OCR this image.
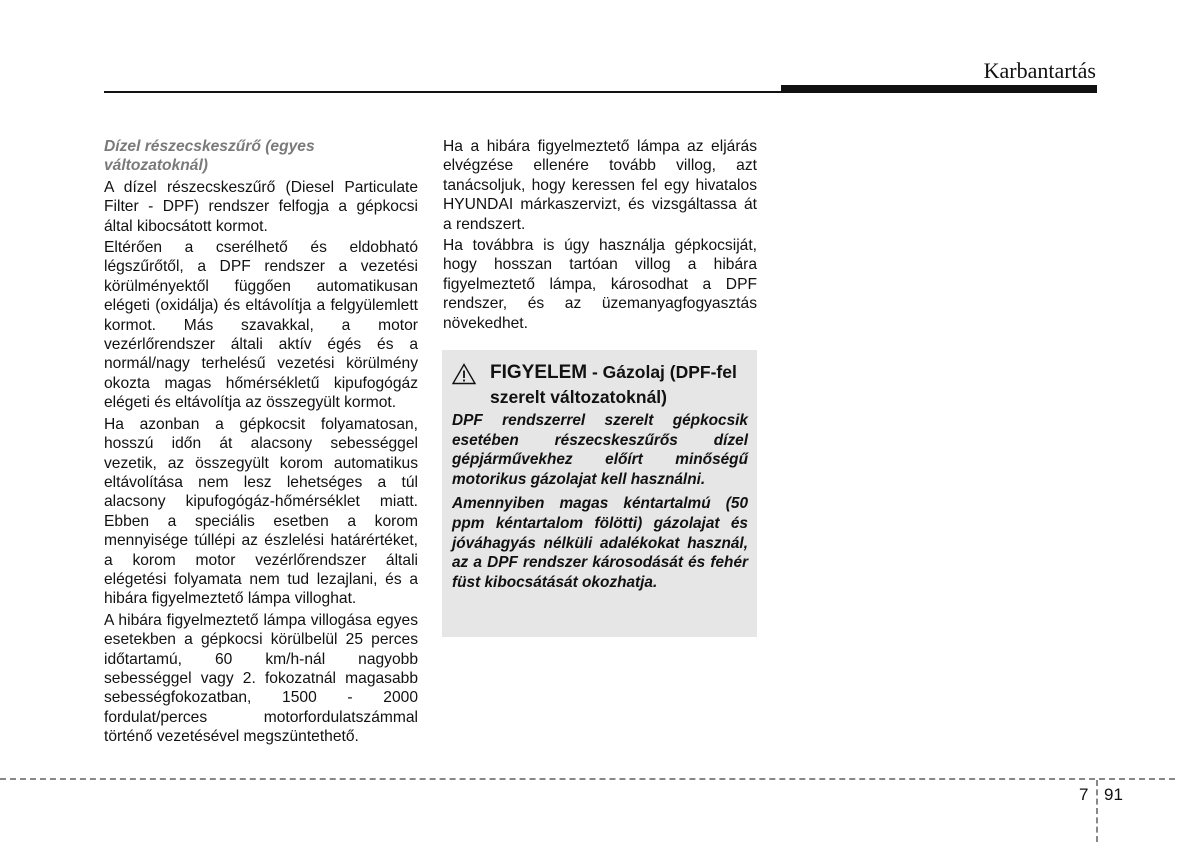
Karbantartás

Dízel részecskeszűrő (egyes változatoknál)

A dízel részecskeszűrő (Diesel Particulate Filter - DPF) rendszer felfogja a gépkocsi által kibocsátott kormot.

Eltérően a cserélhető és eldobható légszűrőtől, a DPF rendszer a vezetési körülményektől függően automatikusan elégeti (oxidálja) és eltávolítja a felgyülemlett kormot. Más szavakkal, a motor vezérlőrendszer általi aktív égés és a normál/nagy terhelésű vezetési körülmény okozta magas hőmérsékletű kipufogógáz elégeti és eltávolítja az összegyült kormot.

Ha azonban a gépkocsit folyamatosan, hosszú időn át alacsony sebességgel vezetik, az összegyült korom automatikus eltávolítása nem lesz lehetséges a túl alacsony kipufogógáz-hőmérséklet miatt. Ebben a speciális esetben a korom mennyisége túllépi az észlelési határértéket, a korom motor vezérlőrendszer általi elégetési folyamata nem tud lezajlani, és a hibára figyelmeztető lámpa villoghat.

A hibára figyelmeztető lámpa villogása egyes esetekben a gépkocsi körülbelül 25 perces időtartamú, 60 km/h-nál nagyobb sebességgel vagy 2. fokozatnál magasabb sebességfokozatban, 1500 - 2000 fordulat/perces motorfordulatszámmal történő vezetésével megszüntethető.

Ha a hibára figyelmeztető lámpa az eljárás elvégzése ellenére tovább villog, azt tanácsoljuk, hogy keressen fel egy hivatalos HYUNDAI márkaszervizt, és vizsgáltassa át a rendszert.

Ha továbbra is úgy használja gépkocsiját, hogy hosszan tartóan villog a hibára figyelmeztető lámpa, károsodhat a DPF rendszer, és az üzemanyagfogyasztás növekedhet.

FIGYELEM - Gázolaj (DPF-fel szerelt változatoknál)

DPF rendszerrel szerelt gépkocsik esetében részecskeszűrős dízel gépjárművekhez előírt minőségű motorikus gázolajat kell használni.

Amennyiben magas kéntartalmú (50 ppm kéntartalom fölötti) gázolajat és jóváhagyás nélküli adalékokat használ, az a DPF rendszer károsodását és fehér füst kibocsátását okozhatja.

7 91
